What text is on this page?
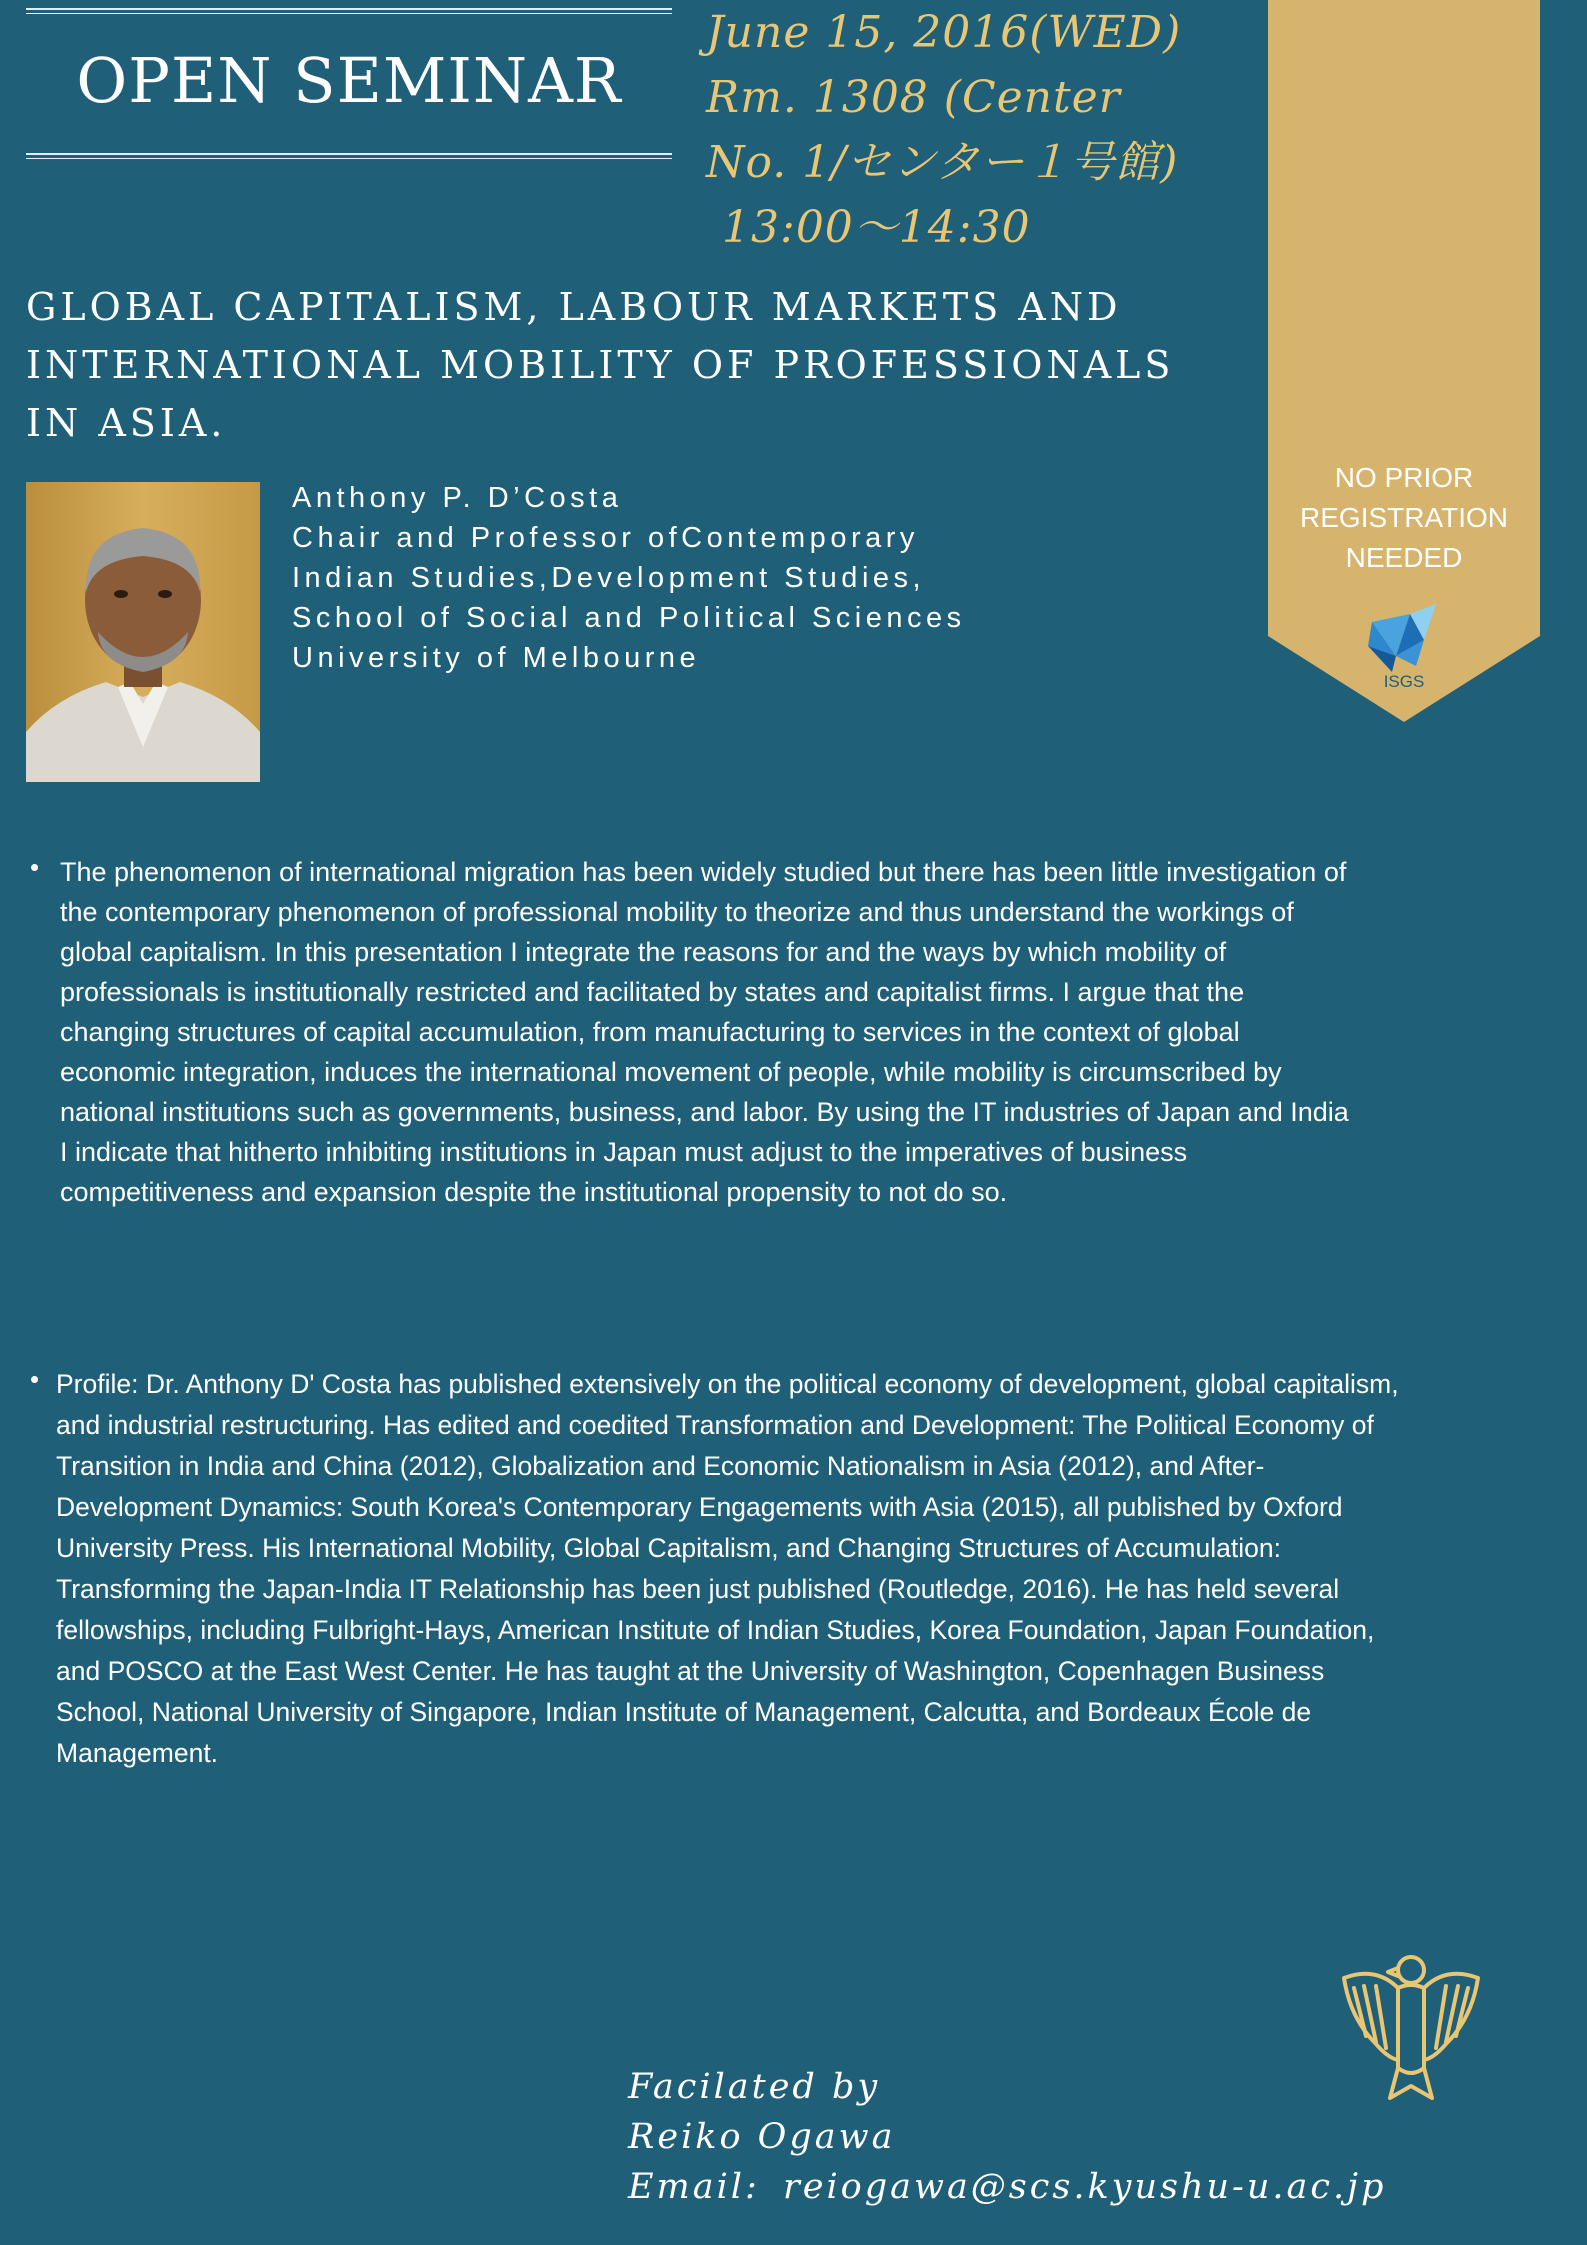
OPEN SEMINAR
June 15, 2016(WED)
Rm. 1308 (Center
No. 1/センター１号館)
13:00～14:30
GLOBAL CAPITALISM, LABOUR MARKETS AND
INTERNATIONAL MOBILITY OF PROFESSIONALS
IN ASIA.
Anthony P. D’Costa
Chair and Professor ofContemporary
Indian Studies,Development Studies,
School of Social and Political Sciences
University of Melbourne
NO PRIOR
REGISTRATION
NEEDED
ISGS
• The phenomenon of international migration has been widely studied but there has been little investigation of the contemporary phenomenon of professional mobility to theorize and thus understand the workings of global capitalism. In this presentation I integrate the reasons for and the ways by which mobility of professionals is institutionally restricted and facilitated by states and capitalist firms. I argue that the changing structures of capital accumulation, from manufacturing to services in the context of global economic integration, induces the international movement of people, while mobility is circumscribed by national institutions such as governments, business, and labor. By using the IT industries of Japan and India I indicate that hitherto inhibiting institutions in Japan must adjust to the imperatives of business competitiveness and expansion despite the institutional propensity to not do so.
• Profile: Dr. Anthony D' Costa has published extensively on the political economy of development, global capitalism, and industrial restructuring. Has edited and coedited Transformation and Development: The Political Economy of Transition in India and China (2012), Globalization and Economic Nationalism in Asia (2012), and After-Development Dynamics: South Korea's Contemporary Engagements with Asia (2015), all published by Oxford University Press. His International Mobility, Global Capitalism, and Changing Structures of Accumulation: Transforming the Japan-India IT Relationship has been just published (Routledge, 2016). He has held several fellowships, including Fulbright-Hays, American Institute of Indian Studies, Korea Foundation, Japan Foundation, and POSCO at the East West Center. He has taught at the University of Washington, Copenhagen Business School, National University of Singapore, Indian Institute of Management, Calcutta, and Bordeaux École de Management.
Facilated by
Reiko Ogawa
Email: reiogawa@scs.kyushu-u.ac.jp
